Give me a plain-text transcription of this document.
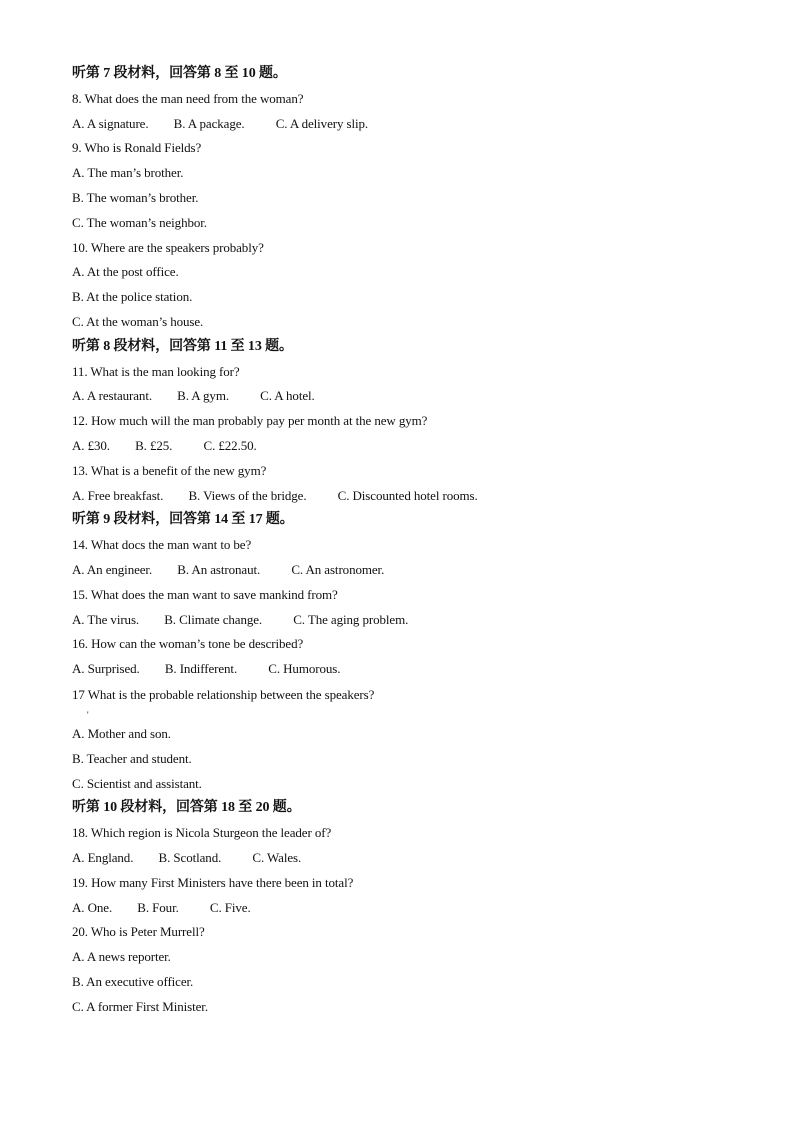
听第 7 段材料，回答第 8 至 10 题。
8. What does the man need from the woman?
A. A signature. B. A package. C. A delivery slip.
9. Who is Ronald Fields?
A. The man’s brother.
B. The woman’s brother.
C. The woman’s neighbor.
10. Where are the speakers probably?
A. At the post office.
B. At the police station.
C. At the woman’s house.
听第 8 段材料，回答第 11 至 13 题。
11. What is the man looking for?
A. A restaurant. B. A gym. C. A hotel.
12. How much will the man probably pay per month at the new gym?
A. £30. B. £25. C. £22.50.
13. What is a benefit of the new gym?
A. Free breakfast. B. Views of the bridge. C. Discounted hotel rooms.
听第 9 段材料，回答第 14 至 17 题。
14. What docs the man want to be?
A. An engineer. B. An astronaut. C. An astronomer.
15. What does the man want to save mankind from?
A. The virus. B. Climate change. C. The aging problem.
16. How can the woman’s tone be described?
A. Surprised. B. Indifferent. C. Humorous.
17 What is the probable relationship between the speakers?
'
A. Mother and son.
B. Teacher and student.
C. Scientist and assistant.
听第 10 段材料，回答第 18 至 20 题。
18. Which region is Nicola Sturgeon the leader of?
A. England. B. Scotland. C. Wales.
19. How many First Ministers have there been in total?
A. One. B. Four. C. Five.
20. Who is Peter Murrell?
A. A news reporter.
B. An executive officer.
C. A former First Minister.
